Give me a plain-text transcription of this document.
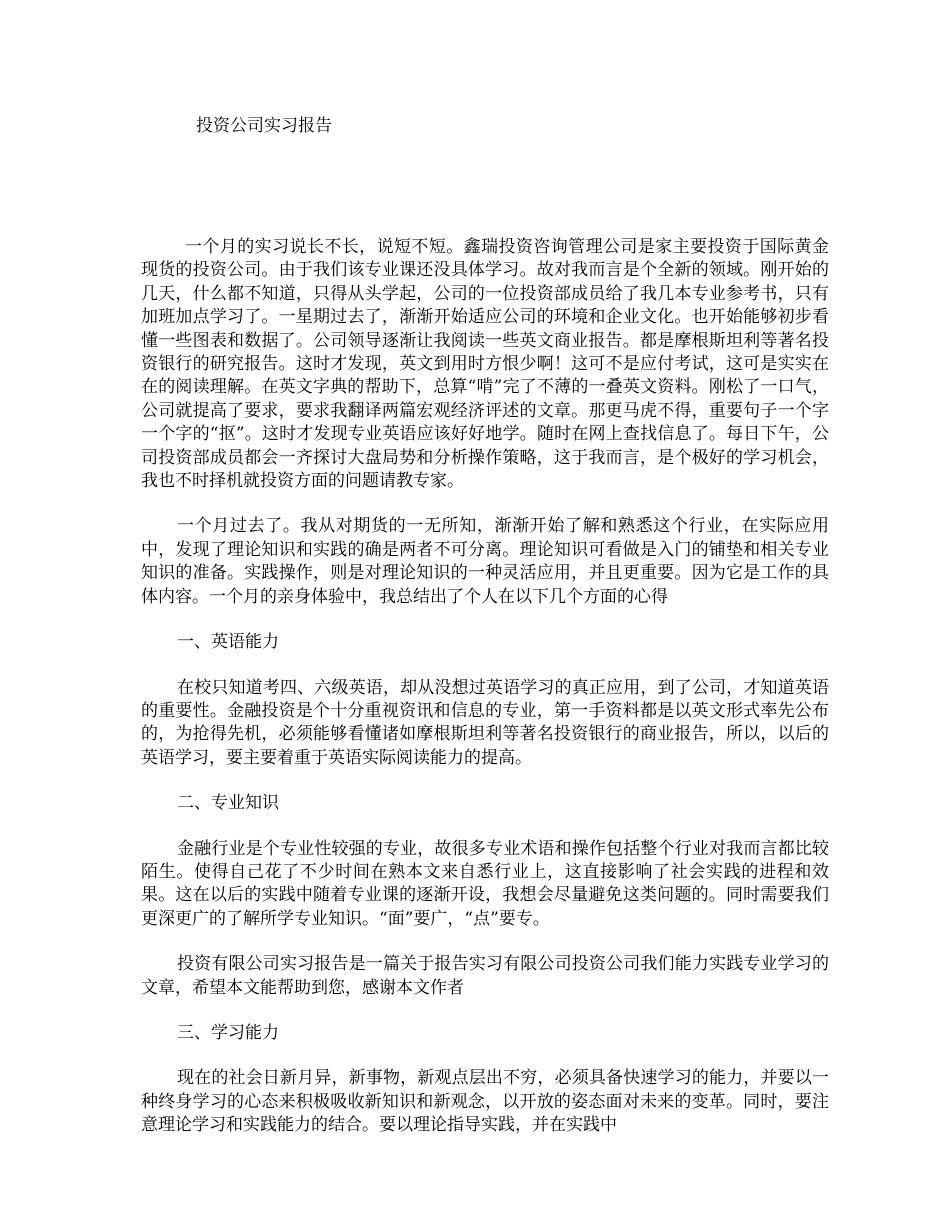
投资公司实习报告

一个月的实习说长不长，说短不短。鑫瑞投资咨询管理公司是家主要投资于国际黄金现货的投资公司。由于我们该专业课还没具体学习。故对我而言是个全新的领域。刚开始的几天，什么都不知道，只得从头学起，公司的一位投资部成员给了我几本专业参考书，只有加班加点学习了。一星期过去了，渐渐开始适应公司的环境和企业文化。也开始能够初步看懂一些图表和数据了。公司领导逐渐让我阅读一些英文商业报告。都是摩根斯坦利等著名投资银行的研究报告。这时才发现，英文到用时方恨少啊！这可不是应付考试，这可是实实在在的阅读理解。在英文字典的帮助下，总算“啃”完了不薄的一叠英文资料。刚松了一口气，公司就提高了要求，要求我翻译两篇宏观经济评述的文章。那更马虎不得，重要句子一个字一个字的“抠”。这时才发现专业英语应该好好地学。随时在网上查找信息了。每日下午，公司投资部成员都会一齐探讨大盘局势和分析操作策略，这于我而言，是个极好的学习机会，我也不时择机就投资方面的问题请教专家。

一个月过去了。我从对期货的一无所知，渐渐开始了解和熟悉这个行业，在实际应用中，发现了理论知识和实践的确是两者不可分离。理论知识可看做是入门的铺垫和相关专业知识的准备。实践操作，则是对理论知识的一种灵活应用，并且更重要。因为它是工作的具体内容。一个月的亲身体验中，我总结出了个人在以下几个方面的心得

一、英语能力

在校只知道考四、六级英语，却从没想过英语学习的真正应用，到了公司，才知道英语的重要性。金融投资是个十分重视资讯和信息的专业，第一手资料都是以英文形式率先公布的，为抢得先机，必须能够看懂诸如摩根斯坦利等著名投资银行的商业报告，所以，以后的英语学习，要主要着重于英语实际阅读能力的提高。

二、专业知识

金融行业是个专业性较强的专业，故很多专业术语和操作包括整个行业对我而言都比较陌生。使得自己花了不少时间在熟本文来自悉行业上，这直接影响了社会实践的进程和效果。这在以后的实践中随着专业课的逐渐开设，我想会尽量避免这类问题的。同时需要我们更深更广的了解所学专业知识。“面”要广，“点”要专。

投资有限公司实习报告是一篇关于报告实习有限公司投资公司我们能力实践专业学习的文章，希望本文能帮助到您，感谢本文作者

三、学习能力

现在的社会日新月异，新事物，新观点层出不穷，必须具备快速学习的能力，并要以一种终身学习的心态来积极吸收新知识和新观念，以开放的姿态面对未来的变革。同时，要注意理论学习和实践能力的结合。要以理论指导实践，并在实践中
